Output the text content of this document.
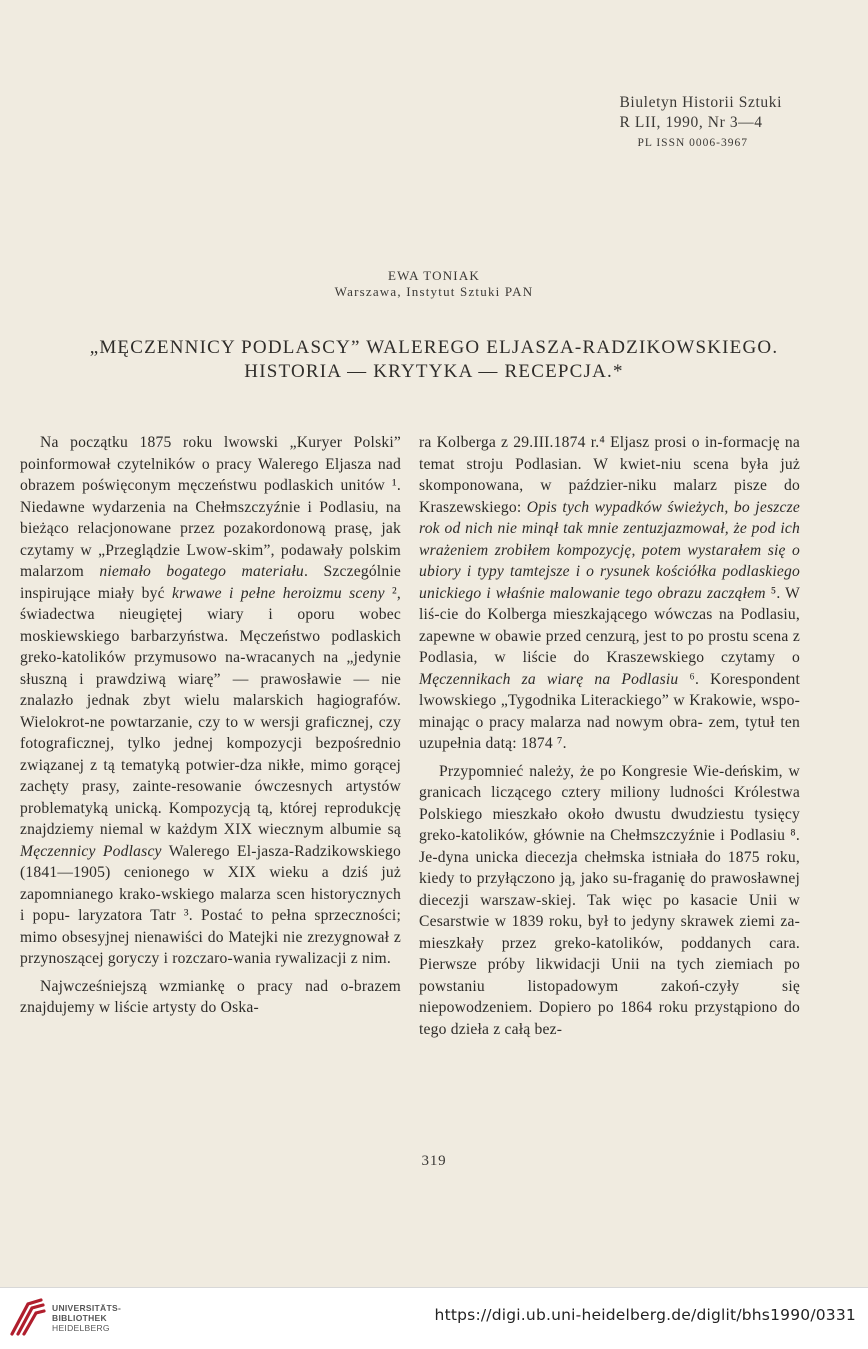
Biuletyn Historii Sztuki
R LII, 1990, Nr 3—4
PL ISSN 0006-3967
EWA TONIAK
Warszawa, Instytut Sztuki PAN
„MĘCZENNICY PODLASCY” WALEREGO ELJASZA-RADZIKOWSKIEGO.
HISTORIA — KRYTYKA — RECEPCJA.*

Na początku 1875 roku lwowski „Kuryer Polski” poinformował czytelników o pracy Walerego Eljasza nad obrazem poświęconym męczeństwu podlaskich unitów ¹. Niedawne wydarzenia na Chełmszczyźnie i Podlasiu, na bieżąco relacjonowane przez pozakordonową prasę, jak czytamy w „Przeglądzie Lwow-skim”, podawały polskim malarzom niemało bogatego materiału. Szczególnie inspirujące miały być krwawe i pełne heroizmu sceny ², świadectwa nieugiętej wiary i oporu wobec moskiewskiego barbarzyństwa. Męczeństwo podlaskich greko-katolików przymusowo na-wracanych na „jedynie słuszną i prawdziwą wiarę” — prawosławie — nie znalazło jednak zbyt wielu malarskich hagiografów. Wielokrot-ne powtarzanie, czy to w wersji graficznej, czy fotograficznej, tylko jednej kompozycji bezpośrednio związanej z tą tematyką potwier-dza nikłe, mimo gorącej zachęty prasy, zainte-resowanie ówczesnych artystów problematyką unicką. Kompozycją tą, której reprodukcję znajdziemy niemal w każdym XIX wiecznym albumie są Męczennicy Podlascy Walerego El-jasza-Radzikowskiego (1841—1905) cenionego w XIX wieku a dziś już zapomnianego krako-wskiego malarza scen historycznych i popu- laryzatora Tatr ³. Postać to pełna sprzeczności; mimo obsesyjnej nienawiści do Matejki nie zrezygnował z przynoszącej goryczy i rozczaro-wania rywalizacji z nim.

Najwcześniejszą wzmiankę o pracy nad o-brazem znajdujemy w liście artysty do Oska-

ra Kolberga z 29.III.1874 r.⁴ Eljasz prosi o in-formację na temat stroju Podlasian. W kwiet-niu scena była już skomponowana, w paździer-niku malarz pisze do Kraszewskiego: Opis tych wypadków świeżych, bo jeszcze rok od nich nie minął tak mnie zentuzjazmował, że pod ich wrażeniem zrobiłem kompozycję, potem wystarałem się o ubiory i typy tamtejsze i o rysunek kościółka podlaskiego unickiego i właśnie malowanie tego obrazu zacząłem ⁵. W liś-cie do Kolberga mieszkającego wówczas na Podlasiu, zapewne w obawie przed cenzurą, jest to po prostu scena z Podlasia, w liście do Kraszewskiego czytamy o Męczennikach za wiarę na Podlasiu ⁶. Korespondent lwowskiego „Tygodnika Literackiego” w Krakowie, wspo-minając o pracy malarza nad nowym obra- zem, tytuł ten uzupełnia datą: 1874 ⁷.

Przypomnieć należy, że po Kongresie Wie-deńskim, w granicach liczącego cztery miliony ludności Królestwa Polskiego mieszkało około dwustu dwudziestu tysięcy greko-katolików, głównie na Chełmszczyźnie i Podlasiu ⁸. Je-dyna unicka diecezja chełmska istniała do 1875 roku, kiedy to przyłączono ją, jako su-fraganię do prawosławnej diecezji warszaw-skiej. Tak więc po kasacie Unii w Cesarstwie w 1839 roku, był to jedyny skrawek ziemi za-mieszkały przez greko-katolików, poddanych cara. Pierwsze próby likwidacji Unii na tych ziemiach po powstaniu listopadowym zakoń-czyły się niepowodzeniem. Dopiero po 1864 roku przystąpiono do tego dzieła z całą bez-

319
UNIVERSITÄTS-
BIBLIOTHEK
HEIDELBERG
https://digi.ub.uni-heidelberg.de/diglit/bhs1990/0331
